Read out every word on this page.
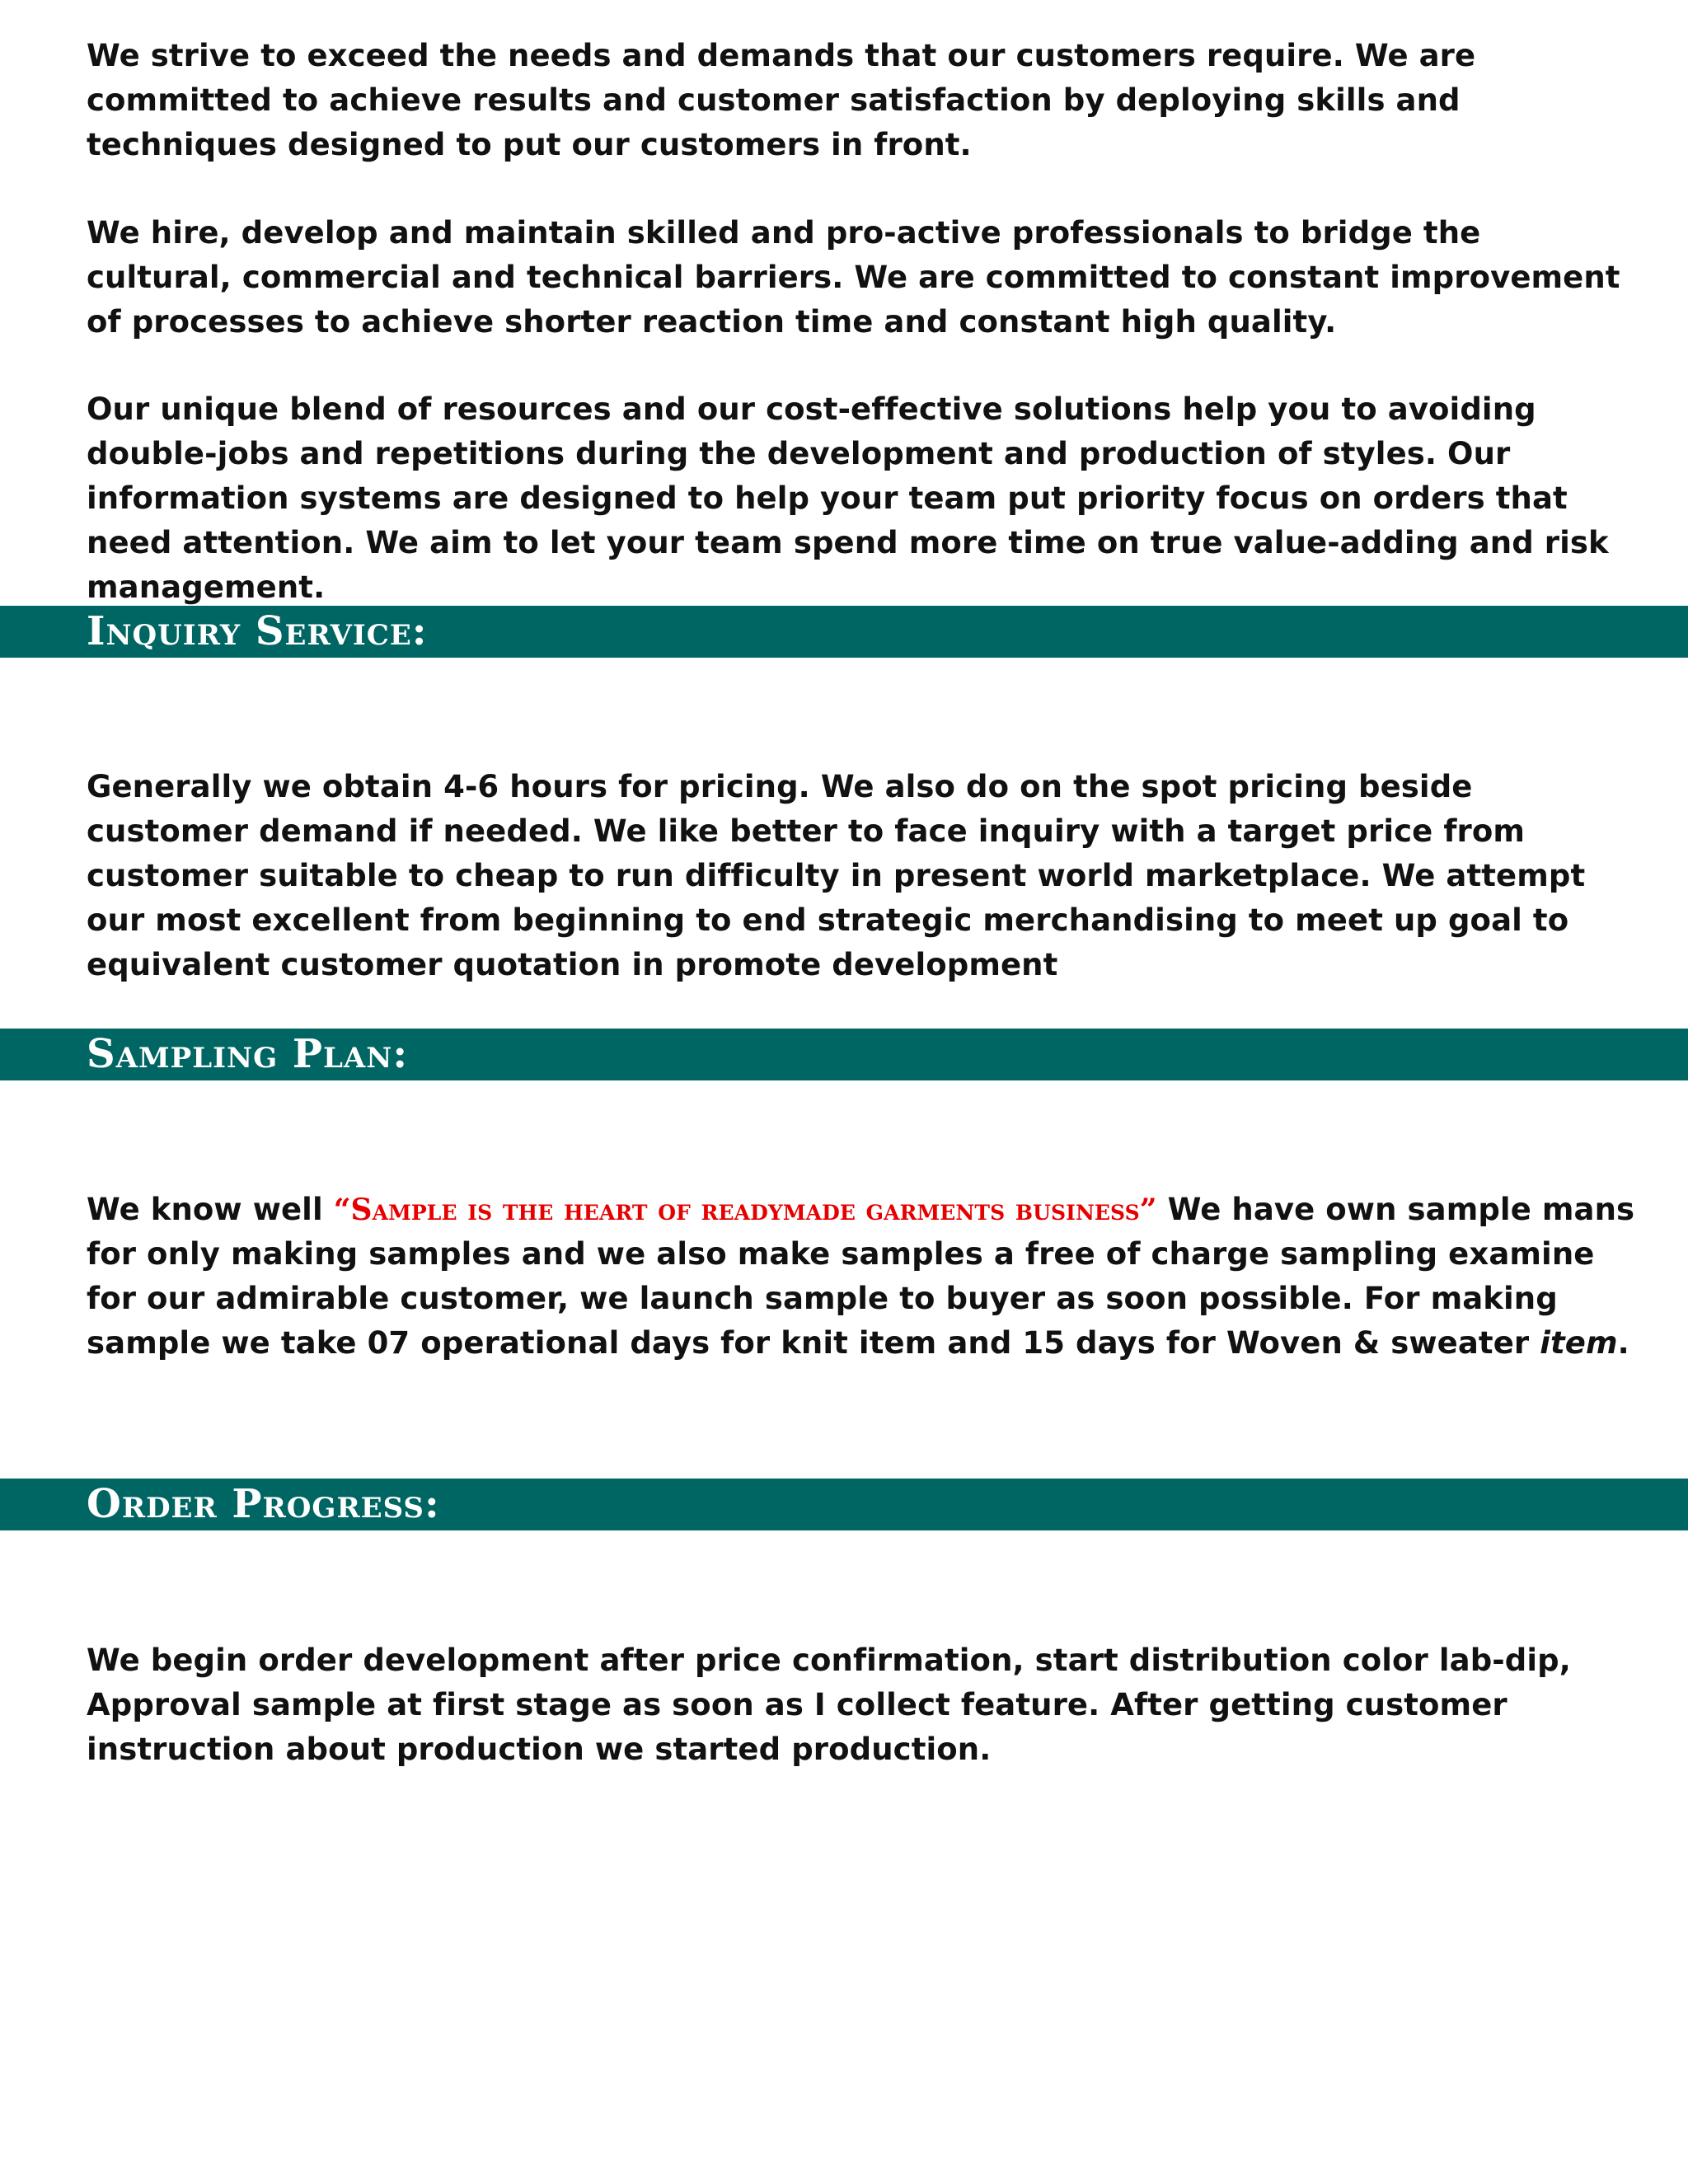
We strive to exceed the needs and demands that our customers require. We are committed to achieve results and customer satisfaction by deploying skills and techniques designed to put our customers in front.

We hire, develop and maintain skilled and pro-active professionals to bridge the cultural, commercial and technical barriers. We are committed to constant improvement of processes to achieve shorter reaction time and constant high quality.

Our unique blend of resources and our cost-effective solutions help you to avoiding double-jobs and repetitions during the development and production of styles. Our information systems are designed to help your team put priority focus on orders that need attention. We aim to let your team spend more time on true value-adding and risk management.

Inquiry Service:

Generally we obtain 4-6 hours for pricing. We also do on the spot pricing beside customer demand if needed. We like better to face inquiry with a target price from customer suitable to cheap to run difficulty in present world marketplace. We attempt our most excellent from beginning to end strategic merchandising to meet up goal to equivalent customer quotation in promote development

Sampling Plan:

We know well “Sample is the heart of readymade garments business” We have own sample mans for only making samples and we also make samples a free of charge sampling examine for our admirable customer, we launch sample to buyer as soon possible. For making sample we take 07 operational days for knit item and 15 days for Woven & sweater item.

Order Progress:

We begin order development after price confirmation, start distribution color lab-dip, Approval sample at first stage as soon as I collect feature. After getting customer instruction about production we started production.
